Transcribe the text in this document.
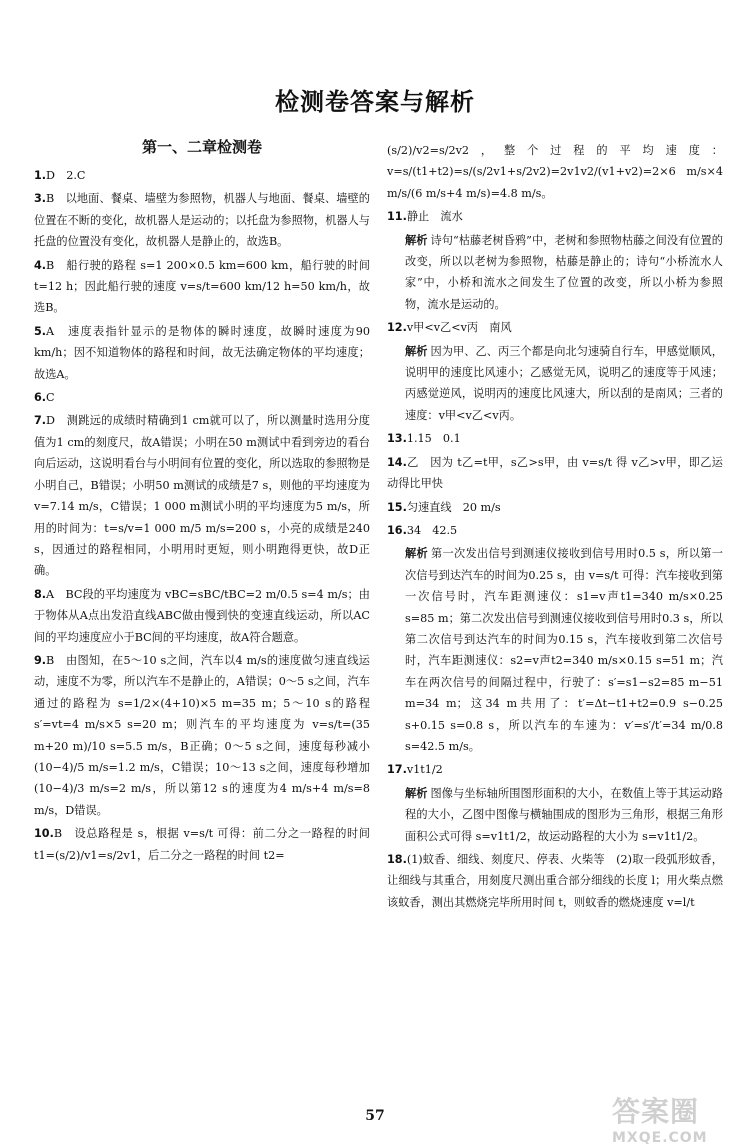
检测卷答案与解析
第一、二章检测卷

1.D　2.C

3.B　以地面、餐桌、墙壁为参照物，机器人与地面、餐桌、墙壁的位置在不断的变化，故机器人是运动的；以托盘为参照物，机器人与托盘的位置没有变化，故机器人是静止的，故选B。

4.B　船行驶的路程 s=1 200×0.5 km=600 km，船行驶的时间 t=12 h；因此船行驶的速度 v=s/t=600 km/12 h=50 km/h，故选B。

5.A　速度表指针显示的是物体的瞬时速度，故瞬时速度为90 km/h；因不知道物体的路程和时间，故无法确定物体的平均速度；故选A。

6.C

7.D　测跳远的成绩时精确到1 cm就可以了，所以测量时选用分度值为1 cm的刻度尺，故A错误；小明在50 m测试中看到旁边的看台向后运动，这说明看台与小明间有位置的变化，所以选取的参照物是小明自己，B错误；小明50 m测试的成绩是7 s，则他的平均速度为v=7.14 m/s，C错误；1 000 m测试小明的平均速度为5 m/s，所用的时间为：t=s/v=1 000 m/5 m/s=200 s，小亮的成绩是240 s，因通过的路程相同，小明用时更短，则小明跑得更快，故D正确。

8.A　BC段的平均速度为 vBC=sBC/tBC=2 m/0.5 s=4 m/s；由于物体从A点出发沿直线ABC做由慢到快的变速直线运动，所以AC间的平均速度应小于BC间的平均速度，故A符合题意。

9.B　由图知，在5～10 s之间，汽车以4 m/s的速度做匀速直线运动，速度不为零，所以汽车不是静止的，A错误；0～5 s之间，汽车通过的路程为 s=1/2×(4+10)×5 m=35 m；5～10 s的路程 s′=vt=4 m/s×5 s=20 m；则汽车的平均速度为 v=s/t=(35 m+20 m)/10 s=5.5 m/s，B正确；0～5 s之间，速度每秒减小 (10−4)/5 m/s=1.2 m/s，C错误；10～13 s之间，速度每秒增加 (10−4)/3 m/s=2 m/s，所以第12 s的速度为4 m/s+4 m/s=8 m/s，D错误。

10.B　设总路程是 s，根据 v=s/t 可得：前二分之一路程的时间 t1=(s/2)/v1=s/2v1，后二分之一路程的时间 t2=

(s/2)/v2=s/2v2，整个过程的平均速度：v=s/(t1+t2)=s/(s/2v1+s/2v2)=2v1v2/(v1+v2)=2×6 m/s×4 m/s/(6 m/s+4 m/s)=4.8 m/s。

11.静止　流水

解析 诗句“枯藤老树昏鸦”中，老树和参照物枯藤之间没有位置的改变，所以以老树为参照物，枯藤是静止的；诗句“小桥流水人家”中，小桥和流水之间发生了位置的改变，所以小桥为参照物，流水是运动的。

12.v甲<v乙<v丙　南风

解析 因为甲、乙、丙三个都是向北匀速骑自行车，甲感觉顺风，说明甲的速度比风速小；乙感觉无风，说明乙的速度等于风速；丙感觉逆风，说明丙的速度比风速大，所以刮的是南风；三者的速度：v甲<v乙<v丙。

13.1.15　0.1

14.乙　因为 t乙=t甲，s乙>s甲，由 v=s/t 得 v乙>v甲，即乙运动得比甲快

15.匀速直线　20 m/s

16.34　42.5

解析 第一次发出信号到测速仪接收到信号用时0.5 s，所以第一次信号到达汽车的时间为0.25 s，由 v=s/t 可得：汽车接收到第一次信号时，汽车距测速仪：s1=v声t1=340 m/s×0.25 s=85 m；第二次发出信号到测速仪接收到信号用时0.3 s，所以第二次信号到达汽车的时间为0.15 s，汽车接收到第二次信号时，汽车距测速仪：s2=v声t2=340 m/s×0.15 s=51 m；汽车在两次信号的间隔过程中，行驶了：s′=s1−s2=85 m−51 m=34 m；这34 m共用了：t′=Δt−t1+t2=0.9 s−0.25 s+0.15 s=0.8 s，所以汽车的车速为：v′=s′/t′=34 m/0.8 s=42.5 m/s。

17.v1t1/2

解析 图像与坐标轴所围图形面积的大小，在数值上等于其运动路程的大小，乙图中图像与横轴围成的图形为三角形，根据三角形面积公式可得 s=v1t1/2，故运动路程的大小为 s=v1t1/2。

18.(1)蚊香、细线、刻度尺、停表、火柴等　(2)取一段弧形蚊香，让细线与其重合，用刻度尺测出重合部分细线的长度 l；用火柴点燃该蚊香，测出其燃烧完毕所用时间 t，则蚊香的燃烧速度 v=l/t

57	答案圈
MXQE.COM
